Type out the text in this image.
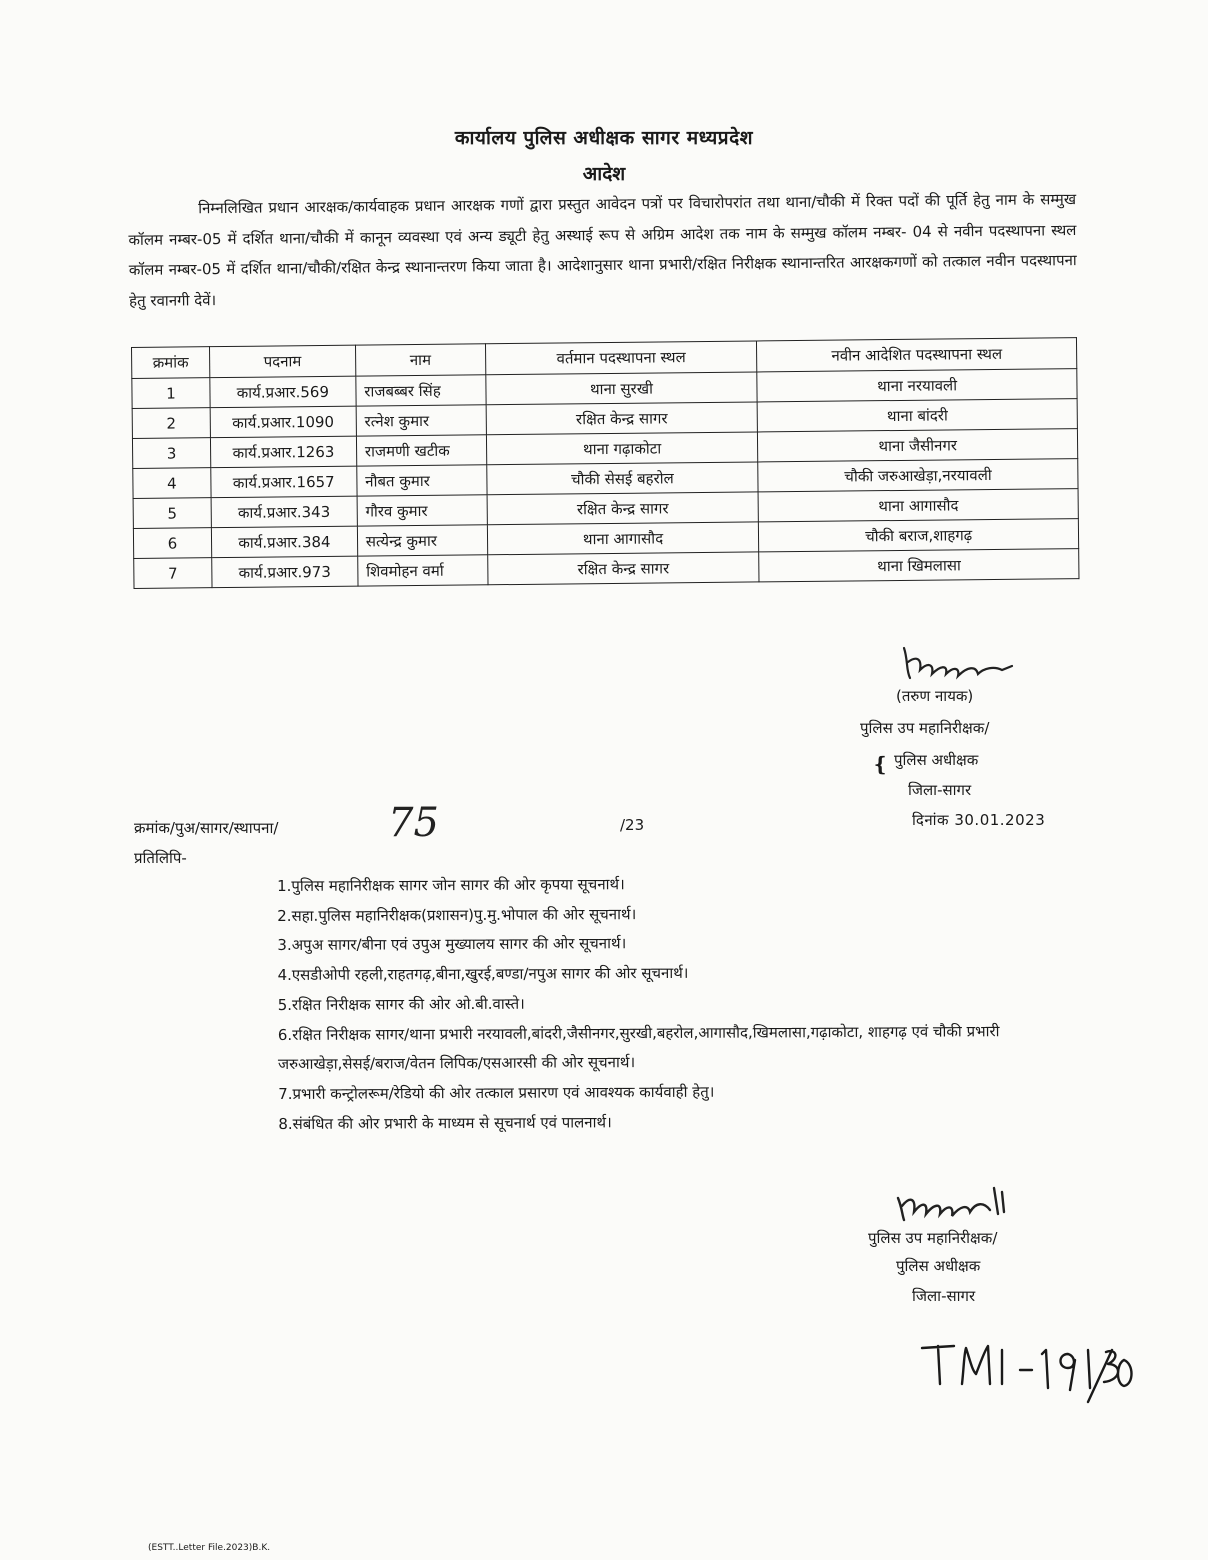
कार्यालय पुलिस अधीक्षक सागर मध्यप्रदेश
आदेश
निम्नलिखित प्रधान आरक्षक/कार्यवाहक प्रधान आरक्षक गणों द्वारा प्रस्तुत आवेदन पत्रों पर विचारोपरांत तथा थाना/चौकी में रिक्त पदों की पूर्ति हेतु नाम के सम्मुख कॉलम नम्बर-05 में दर्शित थाना/चौकी में कानून व्यवस्था एवं अन्य ड्यूटी हेतु अस्थाई रूप से अग्रिम आदेश तक नाम के सम्मुख कॉलम नम्बर- 04 से नवीन पदस्थापना स्थल कॉलम नम्बर-05 में दर्शित थाना/चौकी/रक्षित केन्द्र स्थानान्तरण किया जाता है। आदेशानुसार थाना प्रभारी/रक्षित निरीक्षक स्थानान्तरित आरक्षकगणों को तत्काल नवीन पदस्थापना हेतु रवानगी देवें।
क्रमांक	पदनाम	नाम	वर्तमान पदस्थापना स्थल	नवीन आदेशित पदस्थापना स्थल
1	कार्य.प्रआर.569	राजबब्बर सिंह	थाना सुरखी	थाना नरयावली
2	कार्य.प्रआर.1090	रत्नेश कुमार	रक्षित केन्द्र सागर	थाना बांदरी
3	कार्य.प्रआर.1263	राजमणी खटीक	थाना गढ़ाकोटा	थाना जैसीनगर
4	कार्य.प्रआर.1657	नौबत कुमार	चौकी सेसई बहरोल	चौकी जरुआखेड़ा,नरयावली
5	कार्य.प्रआर.343	गौरव कुमार	रक्षित केन्द्र सागर	थाना आगासौद
6	कार्य.प्रआर.384	सत्येन्द्र कुमार	थाना आगासौद	चौकी बराज,शाहगढ़
7	कार्य.प्रआर.973	शिवमोहन वर्मा	रक्षित केन्द्र सागर	थाना खिमलासा
(तरुण नायक)
पुलिस उप महानिरीक्षक/
❴ पुलिस अधीक्षक
जिला-सागर
क्रमांक/पुअ/सागर/स्थापना/	75	/23	दिनांक 30.01.2023
प्रतिलिपि-

1.पुलिस महानिरीक्षक सागर जोन सागर की ओर कृपया सूचनार्थ।

2.सहा.पुलिस महानिरीक्षक(प्रशासन)पु.मु.भोपाल की ओर सूचनार्थ।

3.अपुअ सागर/बीना एवं उपुअ मुख्यालय सागर की ओर सूचनार्थ।

4.एसडीओपी रहली,राहतगढ़,बीना,खुरई,बण्डा/नपुअ सागर की ओर सूचनार्थ।

5.रक्षित निरीक्षक सागर की ओर ओ.बी.वास्ते।

6.रक्षित निरीक्षक सागर/थाना प्रभारी नरयावली,बांदरी,जैसीनगर,सुरखी,बहरोल,आगासौद,खिमलासा,गढ़ाकोटा, शाहगढ़ एवं चौकी प्रभारी जरुआखेड़ा,सेसई/बराज/वेतन लिपिक/एसआरसी की ओर सूचनार्थ।

7.प्रभारी कन्ट्रोलरूम/रेडियो की ओर तत्काल प्रसारण एवं आवश्यक कार्यवाही हेतु।

8.संबंधित की ओर प्रभारी के माध्यम से सूचनार्थ एवं पालनार्थ।

पुलिस उप महानिरीक्षक/
पुलिस अधीक्षक
जिला-सागर
(ESTT..Letter File.2023)B.K.
